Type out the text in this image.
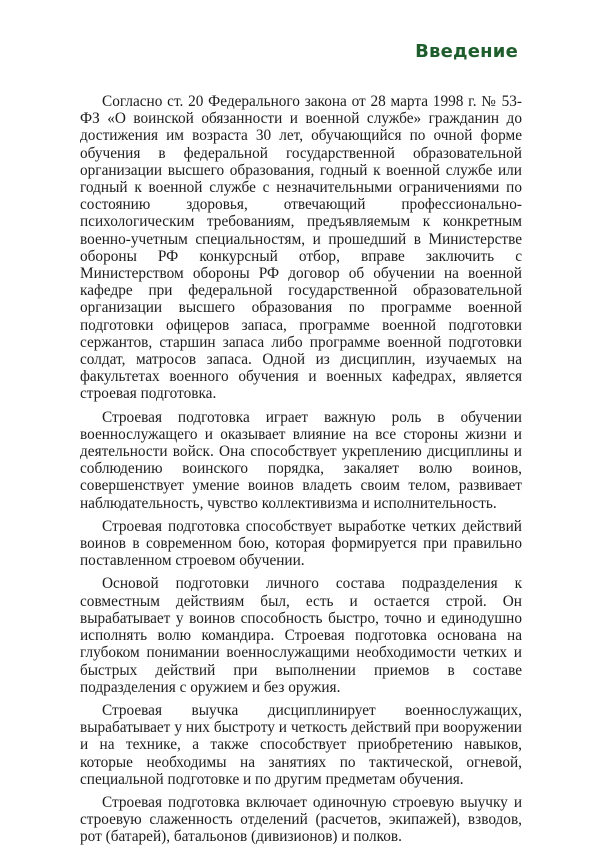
Введение

Согласно ст. 20 Федерального закона от 28 марта 1998 г. № 53-ФЗ «О воинской обязанности и военной службе» гражданин до достижения им возраста 30 лет, обучающийся по очной форме обучения в федеральной государственной образовательной организации высшего образования, годный к военной службе или годный к военной службе с незначительными ограничениями по состоянию здоровья, отвечающий профессионально-психологическим требованиям, предъявляемым к конкретным военно-учетным специальностям, и прошедший в Министерстве обороны РФ конкурсный отбор, вправе заключить с Министерством обороны РФ договор об обучении на военной кафедре при федеральной государственной образовательной организации высшего образования по программе военной подготовки офицеров запаса, программе военной подготовки сержантов, старшин запаса либо программе военной подготовки солдат, матросов запаса. Одной из дисциплин, изучаемых на факультетах военного обучения и военных кафедрах, является строевая подготовка.

Строевая подготовка играет важную роль в обучении военнослужащего и оказывает влияние на все стороны жизни и деятельности войск. Она способствует укреплению дисциплины и соблюдению воинского порядка, закаляет волю воинов, совершенствует умение воинов владеть своим телом, развивает наблюдательность, чувство коллективизма и исполнительность.

Строевая подготовка способствует выработке четких действий воинов в современном бою, которая формируется при правильно поставленном строевом обучении.

Основой подготовки личного состава подразделения к совместным действиям был, есть и остается строй. Он вырабатывает у воинов способность быстро, точно и единодушно исполнять волю командира. Строевая подготовка основана на глубоком понимании военнослужащими необходимости четких и быстрых действий при выполнении приемов в составе подразделения с оружием и без оружия.

Строевая выучка дисциплинирует военнослужащих, вырабатывает у них быстроту и четкость действий при вооружении и на технике, а также способствует приобретению навыков, которые необходимы на занятиях по тактической, огневой, специальной подготовке и по другим предметам обучения.

Строевая подготовка включает одиночную строевую выучку и строевую слаженность отделений (расчетов, экипажей), взводов, рот (батарей), батальонов (дивизионов) и полков.
